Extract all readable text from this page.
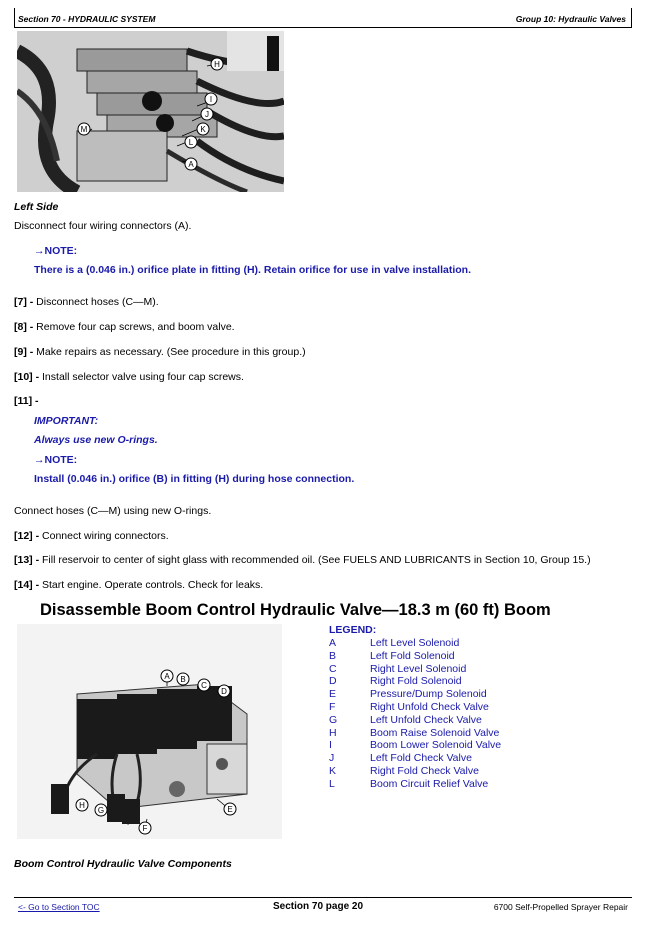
Section 70 - HYDRAULIC SYSTEM	Group 10: Hydraulic Valves
H
I
J
K
L
M
A
Left Side
Disconnect four wiring connectors (A).
→NOTE:
There is a (0.046 in.) orifice plate in fitting (H). Retain orifice for use in valve installation.
[7] - Disconnect hoses (C—M).
[8] - Remove four cap screws, and boom valve.
[9] - Make repairs as necessary. (See procedure in this group.)
[10] - Install selector valve using four cap screws.
[11] -
IMPORTANT:
Always use new O-rings.
→NOTE:
Install (0.046 in.) orifice (B) in fitting (H) during hose connection.
Connect hoses (C—M) using new O-rings.
[12] - Connect wiring connectors.
[13] - Fill reservoir to center of sight glass with recommended oil. (See FUELS AND LUBRICANTS in Section 10, Group 15.)
[14] - Start engine. Operate controls. Check for leaks.
Disassemble Boom Control Hydraulic Valve—18.3 m (60 ft) Boom
A B
C
D
E
F
G
H
LEGEND:
A	Left Level Solenoid
B	Left Fold Solenoid
C	Right Level Solenoid
D	Right Fold Solenoid
E	Pressure/Dump Solenoid
F	Right Unfold Check Valve
G	Left Unfold Check Valve
H	Boom Raise Solenoid Valve
I	Boom Lower Solenoid Valve
J	Left Fold Check Valve
K	Right Fold Check Valve
L	Boom Circuit Relief Valve
Boom Control Hydraulic Valve Components
<- Go to Section TOC	Section 70 page 20	6700 Self-Propelled Sprayer Repair
